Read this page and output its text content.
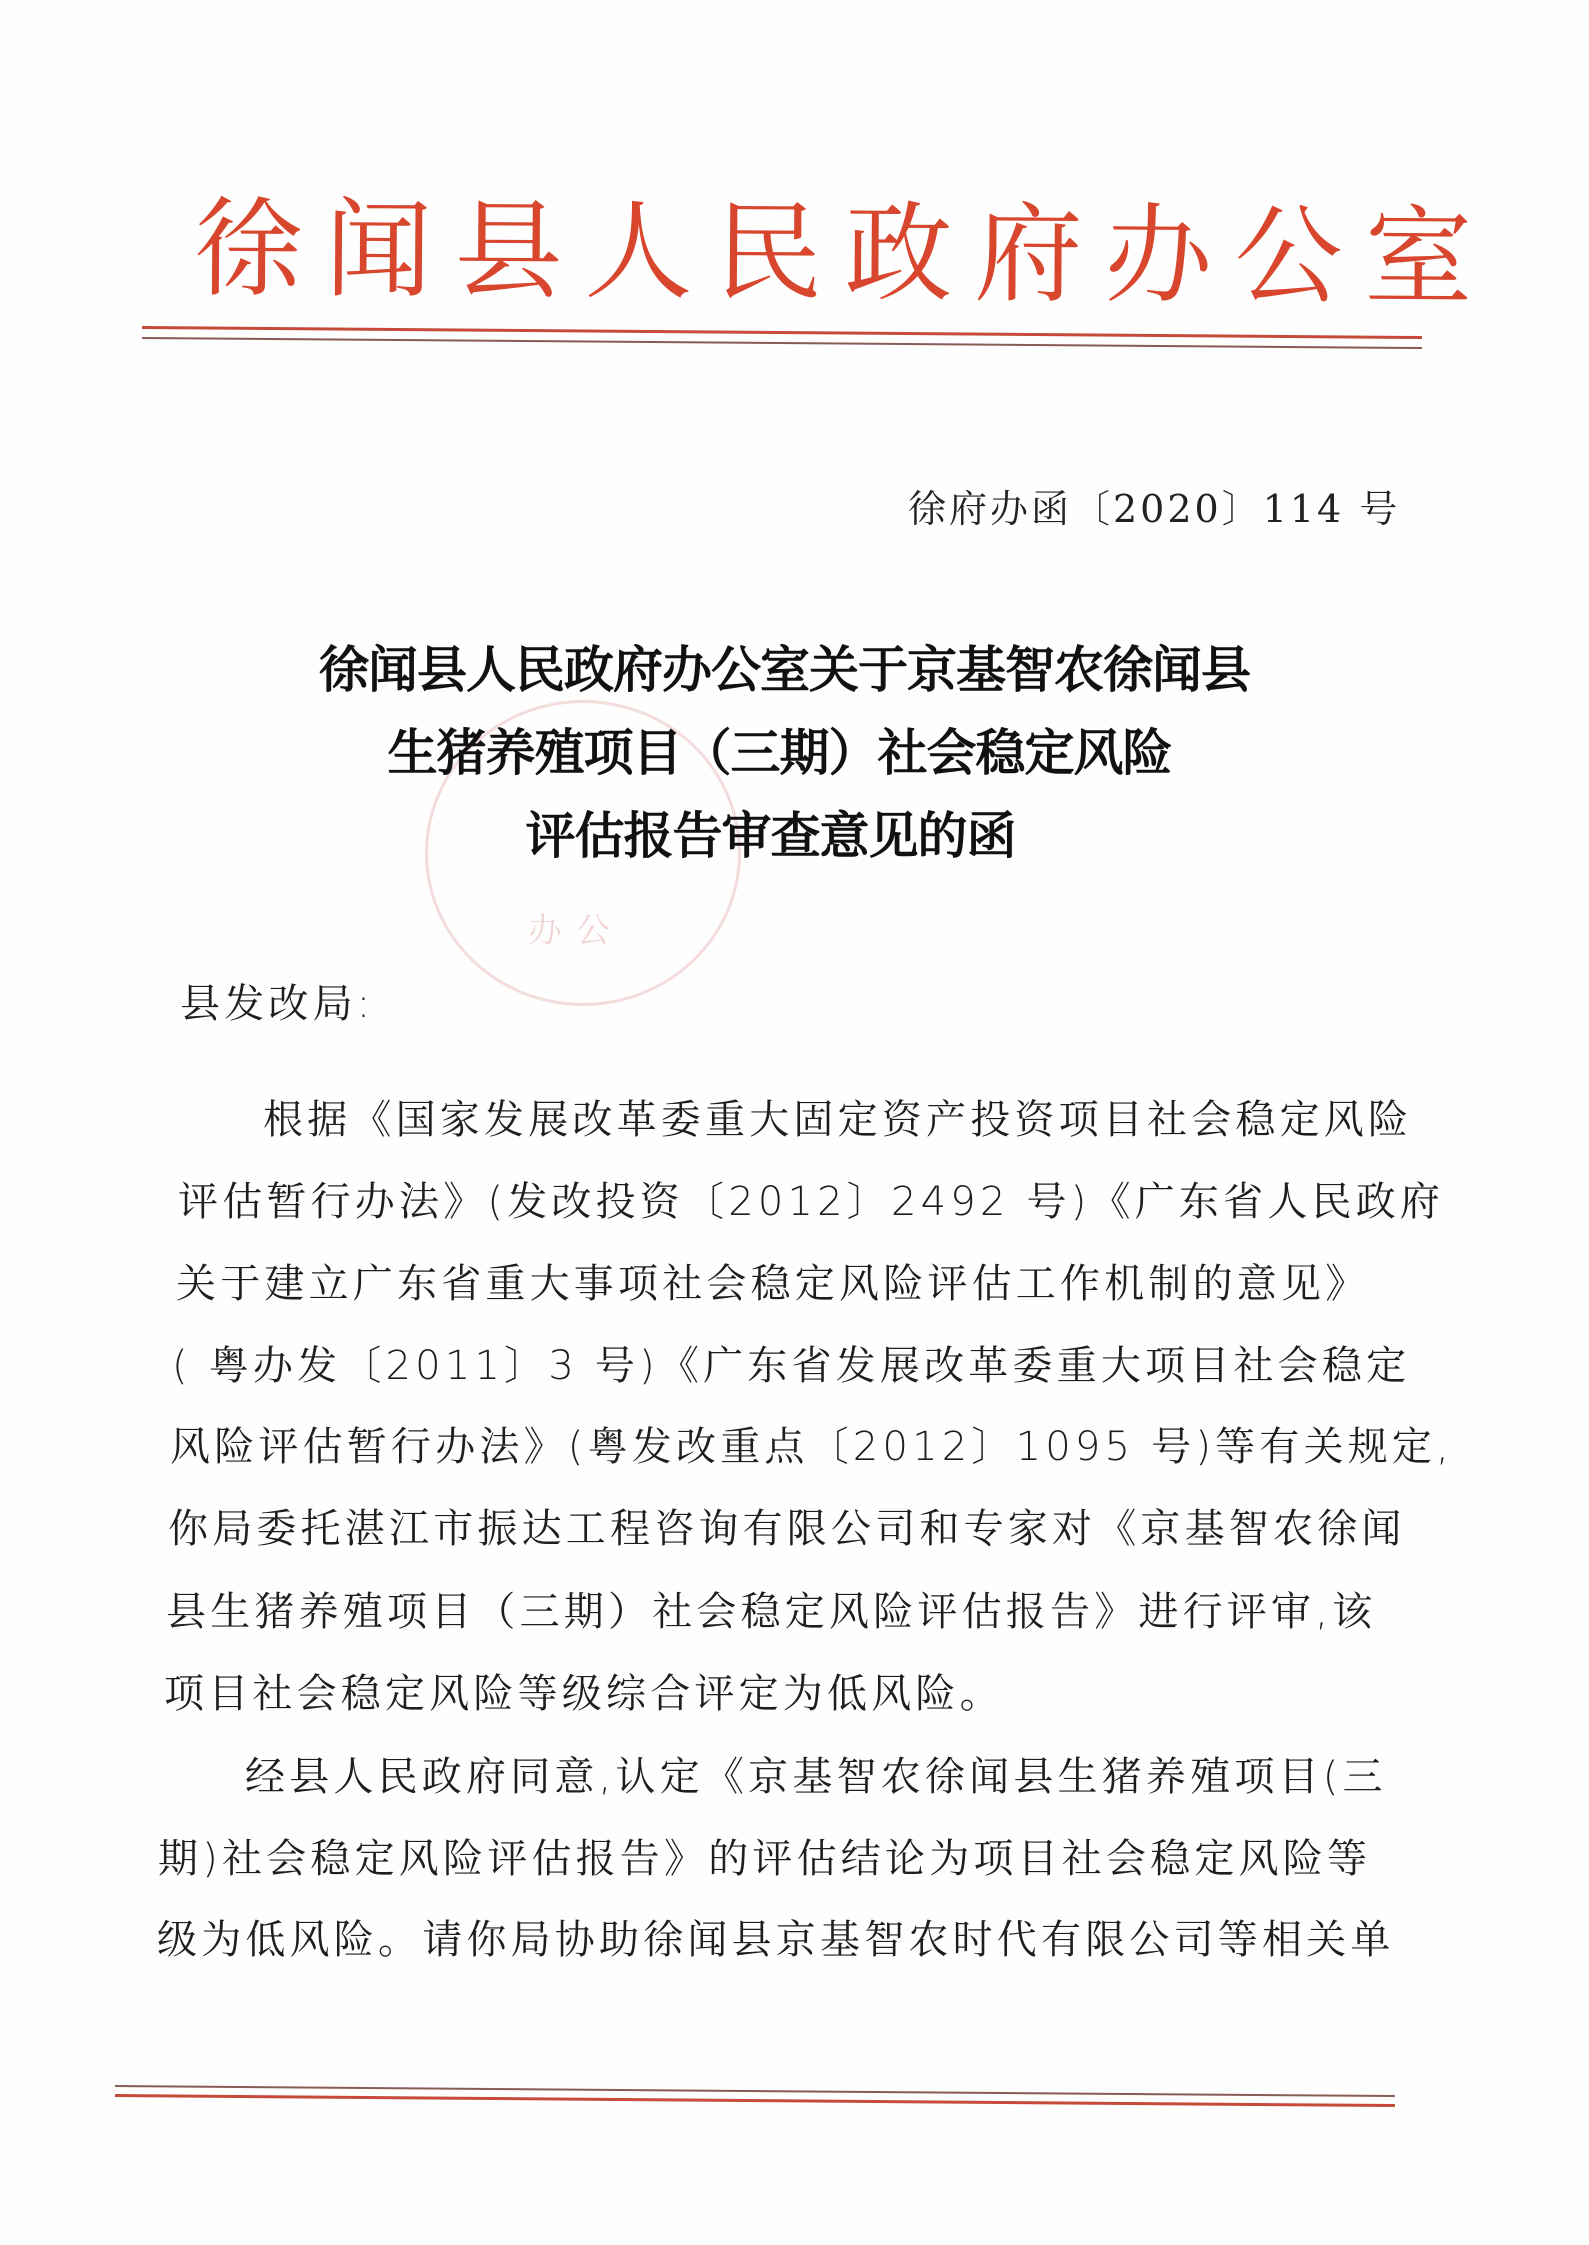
徐闻县人民政府办公室
徐府办函〔2020〕114 号
办公
徐闻县人民政府办公室关于京基智农徐闻县
生猪养殖项目（三期）社会稳定风险
评估报告审查意见的函
县发改局:
根据《国家发展改革委重大固定资产投资项目社会稳定风险
评估暂行办法》(发改投资〔2012〕2492 号)《广东省人民政府
关于建立广东省重大事项社会稳定风险评估工作机制的意见》
( 粤办发〔2011〕3 号)《广东省发展改革委重大项目社会稳定
风险评估暂行办法》(粤发改重点〔2012〕1095 号)等有关规定,
你局委托湛江市振达工程咨询有限公司和专家对《京基智农徐闻
县生猪养殖项目（三期）社会稳定风险评估报告》进行评审,该
项目社会稳定风险等级综合评定为低风险。
经县人民政府同意,认定《京基智农徐闻县生猪养殖项目(三
期)社会稳定风险评估报告》的评估结论为项目社会稳定风险等
级为低风险。请你局协助徐闻县京基智农时代有限公司等相关单
